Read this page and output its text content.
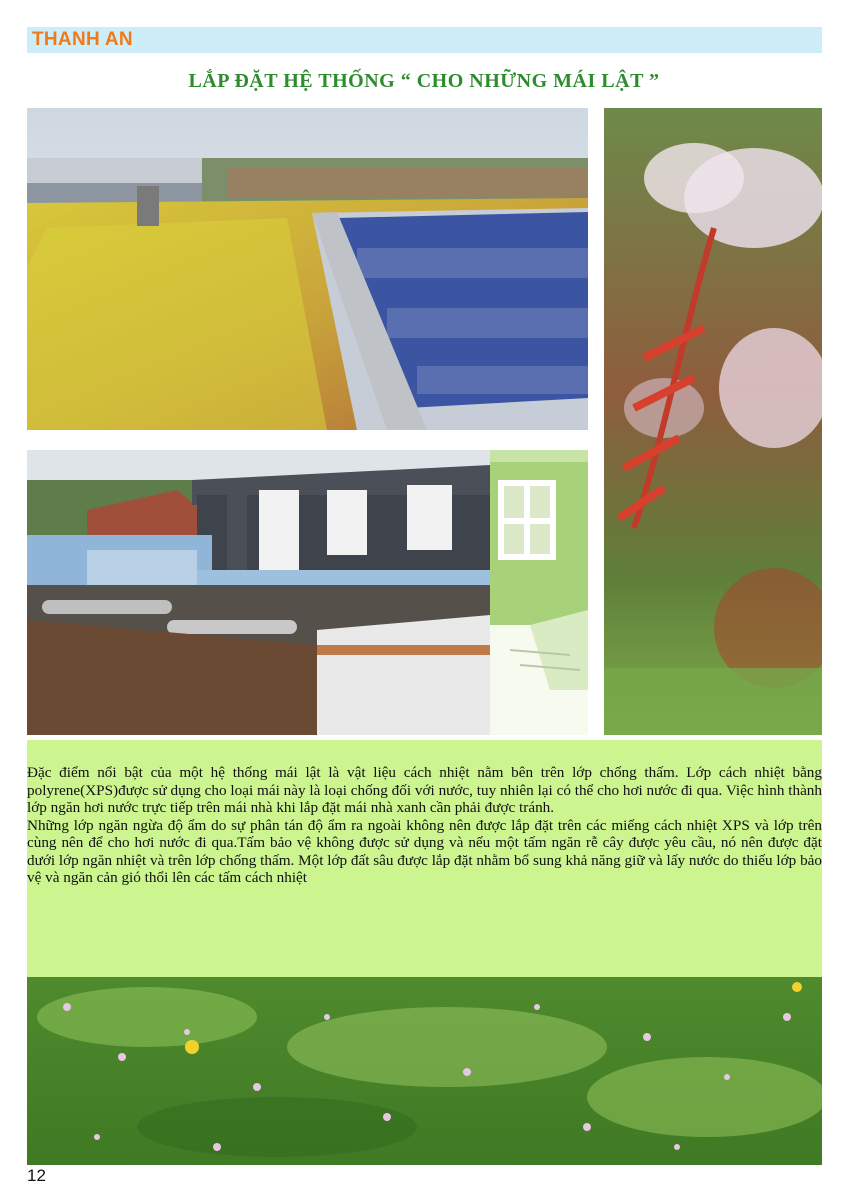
THANH AN
LẮP ĐẶT HỆ THỐNG “ CHO NHỮNG MÁI LẬT ”

Đặc điểm nổi bật của một hệ thống mái lật là vật liệu cách nhiệt nằm bên trên lớp chống thấm. Lớp cách nhiệt bằng polyrene(XPS)được sử dụng cho loại mái này là loại chống đối với nước, tuy nhiên lại có thể cho hơi nước đi qua. Việc hình thành lớp ngăn hơi nước trực tiếp trên mái nhà khi lắp đặt mái nhà xanh cần phải được tránh.
Những lớp ngăn ngừa độ ẩm do sự phân tán độ ẩm ra ngoài không nên được lắp đặt trên các miếng cách nhiệt XPS và lớp trên cùng nên để cho hơi nước đi qua.Tấm bảo vệ không được sử dụng và nếu một tấm ngăn rễ cây được yêu cầu, nó nên được đặt dưới lớp ngăn nhiệt và trên lớp chống thấm. Một lớp đất sâu được lắp đặt nhằm bổ sung khả năng giữ và lấy nước do thiếu lớp bảo vệ và ngăn cản gió thổi lên các tấm cách nhiệt

12
